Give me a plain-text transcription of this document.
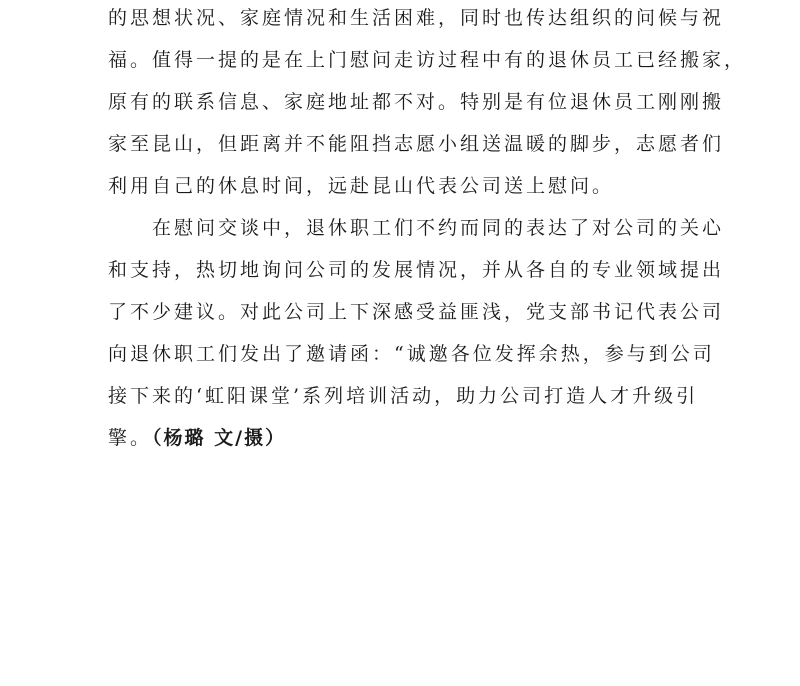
的思想状况、家庭情况和生活困难，同时也传达组织的问候与祝
福。值得一提的是在上门慰问走访过程中有的退休员工已经搬家，
原有的联系信息、家庭地址都不对。特别是有位退休员工刚刚搬
家至昆山，但距离并不能阻挡志愿小组送温暖的脚步，志愿者们
利用自己的休息时间，远赴昆山代表公司送上慰问。
在慰问交谈中，退休职工们不约而同的表达了对公司的关心
和支持，热切地询问公司的发展情况，并从各自的专业领域提出
了不少建议。对此公司上下深感受益匪浅，党支部书记代表公司
向退休职工们发出了邀请函：“诚邀各位发挥余热，参与到公司
接下来的‘虹阳课堂’系列培训活动，助力公司打造人才升级引
擎。（杨璐 文/摄）
